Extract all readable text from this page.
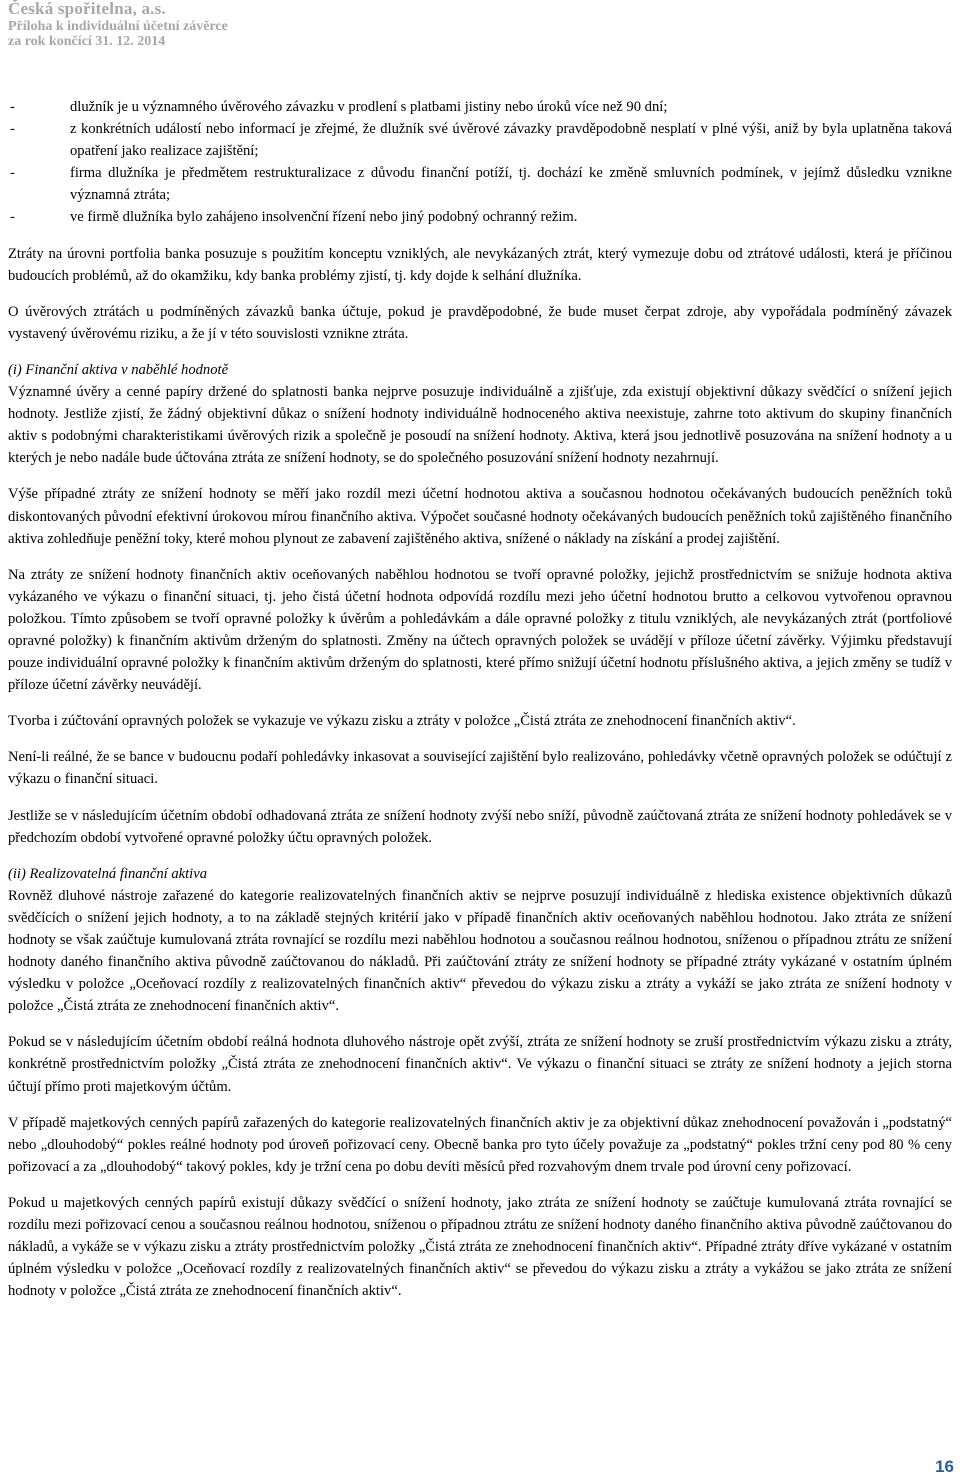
Česká spořitelna, a.s.
Příloha k individuální účetní závěrce
za rok končící 31. 12. 2014
- dlužník je u významného úvěrového závazku v prodlení s platbami jistiny nebo úroků více než 90 dní;
- z konkrétních událostí nebo informací je zřejmé, že dlužník své úvěrové závazky pravděpodobně nesplatí v plné výši, aniž by byla uplatněna taková opatření jako realizace zajištění;
- firma dlužníka je předmětem restrukturalizace z důvodu finanční potíží, tj. dochází ke změně smluvních podmínek, v jejímž důsledku vznikne významná ztráta;
- ve firmě dlužníka bylo zahájeno insolvenční řízení nebo jiný podobný ochranný režim.

Ztráty na úrovni portfolia banka posuzuje s použitím konceptu vzniklých, ale nevykázaných ztrát, který vymezuje dobu od ztrátové události, která je příčinou budoucích problémů, až do okamžiku, kdy banka problémy zjistí, tj. kdy dojde k selhání dlužníka.

O úvěrových ztrátách u podmíněných závazků banka účtuje, pokud je pravděpodobné, že bude muset čerpat zdroje, aby vypořádala podmíněný závazek vystavený úvěrovému riziku, a že jí v této souvislosti vznikne ztráta.

(i) Finanční aktiva v naběhlé hodnotě
Významné úvěry a cenné papíry držené do splatnosti banka nejprve posuzuje individuálně a zjišťuje, zda existují objektivní důkazy svědčící o snížení jejich hodnoty. Jestliže zjistí, že žádný objektivní důkaz o snížení hodnoty individuálně hodnoceného aktiva neexistuje, zahrne toto aktivum do skupiny finančních aktiv s podobnými charakteristikami úvěrových rizik a společně je posoudí na snížení hodnoty. Aktiva, která jsou jednotlivě posuzována na snížení hodnoty a u kterých je nebo nadále bude účtována ztráta ze snížení hodnoty, se do společného posuzování snížení hodnoty nezahrnují.

Výše případné ztráty ze snížení hodnoty se měří jako rozdíl mezi účetní hodnotou aktiva a současnou hodnotou očekávaných budoucích peněžních toků diskontovaných původní efektivní úrokovou mírou finančního aktiva. Výpočet současné hodnoty očekávaných budoucích peněžních toků zajištěného finančního aktiva zohledňuje peněžní toky, které mohou plynout ze zabavení zajištěného aktiva, snížené o náklady na získání a prodej zajištění.

Na ztráty ze snížení hodnoty finančních aktiv oceňovaných naběhlou hodnotou se tvoří opravné položky, jejichž prostřednictvím se snižuje hodnota aktiva vykázaného ve výkazu o finanční situaci, tj. jeho čistá účetní hodnota odpovídá rozdílu mezi jeho účetní hodnotou brutto a celkovou vytvořenou opravnou položkou. Tímto způsobem se tvoří opravné položky k úvěrům a pohledávkám a dále opravné položky z titulu vzniklých, ale nevykázaných ztrát (portfoliové opravné položky) k finančním aktivům drženým do splatnosti. Změny na účtech opravných položek se uvádějí v příloze účetní závěrky. Výjimku představují pouze individuální opravné položky k finančním aktivům drženým do splatnosti, které přímo snižují účetní hodnotu příslušného aktiva, a jejich změny se tudíž v příloze účetní závěrky neuvádějí.

Tvorba i zúčtování opravných položek se vykazuje ve výkazu zisku a ztráty v položce „Čistá ztráta ze znehodnocení finančních aktiv“.

Není-li reálné, že se bance v budoucnu podaří pohledávky inkasovat a související zajištění bylo realizováno, pohledávky včetně opravných položek se odúčtují z výkazu o finanční situaci.

Jestliže se v následujícím účetním období odhadovaná ztráta ze snížení hodnoty zvýší nebo sníží, původně zaúčtovaná ztráta ze snížení hodnoty pohledávek se v předchozím období vytvořené opravné položky účtu opravných položek.

(ii) Realizovatelná finanční aktiva
Rovněž dluhové nástroje zařazené do kategorie realizovatelných finančních aktiv se nejprve posuzují individuálně z hlediska existence objektivních důkazů svědčících o snížení jejich hodnoty, a to na základě stejných kritérií jako v případě finančních aktiv oceňovaných naběhlou hodnotou. Jako ztráta ze snížení hodnoty se však zaúčtuje kumulovaná ztráta rovnající se rozdílu mezi naběhlou hodnotou a současnou reálnou hodnotou, sníženou o případnou ztrátu ze snížení hodnoty daného finančního aktiva původně zaúčtovanou do nákladů. Při zaúčtování ztráty ze snížení hodnoty se případné ztráty vykázané v ostatním úplném výsledku v položce „Oceňovací rozdíly z realizovatelných finančních aktiv“ převedou do výkazu zisku a ztráty a vykáží se jako ztráta ze snížení hodnoty v položce „Čistá ztráta ze znehodnocení finančních aktiv“.

Pokud se v následujícím účetním období reálná hodnota dluhového nástroje opět zvýší, ztráta ze snížení hodnoty se zruší prostřednictvím výkazu zisku a ztráty, konkrétně prostřednictvím položky „Čistá ztráta ze znehodnocení finančních aktiv“. Ve výkazu o finanční situaci se ztráty ze snížení hodnoty a jejich storna účtují přímo proti majetkovým účtům.

V případě majetkových cenných papírů zařazených do kategorie realizovatelných finančních aktiv je za objektivní důkaz znehodnocení považován i „podstatný“ nebo „dlouhodobý“ pokles reálné hodnoty pod úroveň pořizovací ceny. Obecně banka pro tyto účely považuje za „podstatný“ pokles tržní ceny pod 80 % ceny pořizovací a za „dlouhodobý“ takový pokles, kdy je tržní cena po dobu devíti měsíců před rozvahovým dnem trvale pod úrovní ceny pořizovací.

Pokud u majetkových cenných papírů existují důkazy svědčící o snížení hodnoty, jako ztráta ze snížení hodnoty se zaúčtuje kumulovaná ztráta rovnající se rozdílu mezi pořizovací cenou a současnou reálnou hodnotou, sníženou o případnou ztrátu ze snížení hodnoty daného finančního aktiva původně zaúčtovanou do nákladů, a vykáže se v výkazu zisku a ztráty prostřednictvím položky „Čistá ztráta ze znehodnocení finančních aktiv“. Případné ztráty dříve vykázané v ostatním úplném výsledku v položce „Oceňovací rozdíly z realizovatelných finančních aktiv“ se převedou do výkazu zisku a ztráty a vykážou se jako ztráta ze snížení hodnoty v položce „Čistá ztráta ze znehodnocení finančních aktiv“.

16
